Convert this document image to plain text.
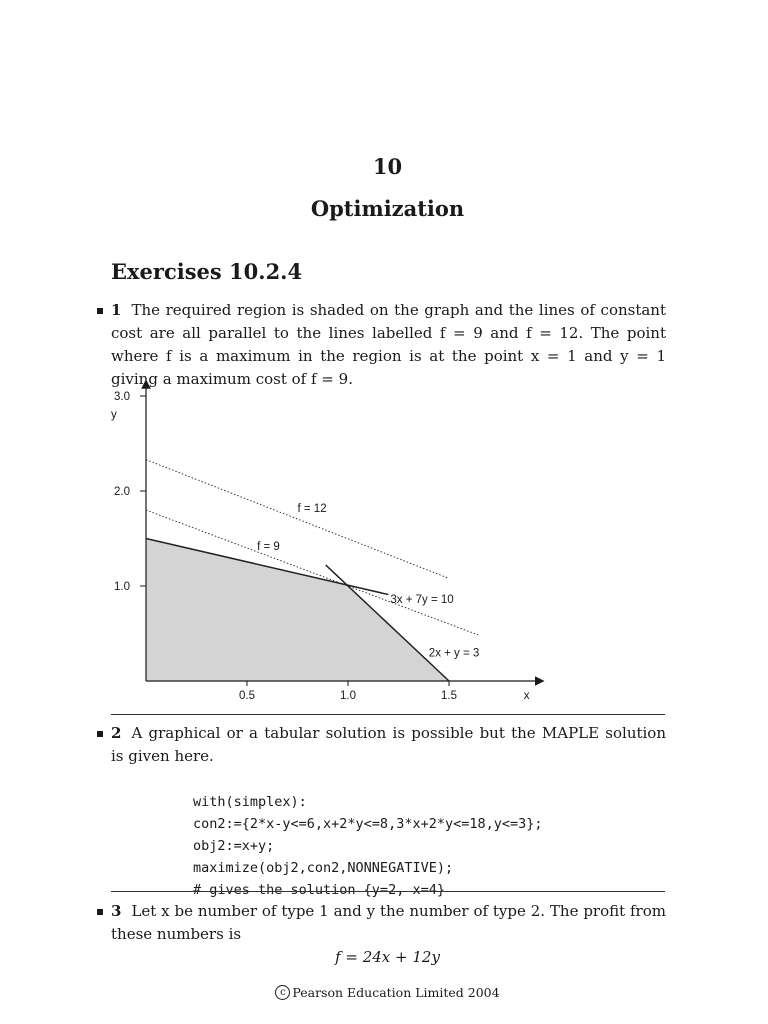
10
Optimization
Exercises 10.2.4
1 The required region is shaded on the graph and the lines of constant cost are all parallel to the lines labelled f = 9 and f = 12. The point where f is a maximum in the region is at the point x = 1 and y = 1 giving a maximum cost of f = 9.
0.5	1.0	1.5
1.0
2.0
3.0
x
y
3x + 7y = 10
2x + y = 3
f = 9
f = 12
2 A graphical or a tabular solution is possible but the MAPLE solution is given here.

with(simplex):
con2:={2*x-y<=6,x+2*y<=8,3*x+2*y<=18,y<=3};
obj2:=x+y;
maximize(obj2,con2,NONNEGATIVE);
# gives the solution {y=2, x=4}

3 Let x be number of type 1 and y the number of type 2. The profit from these numbers is
f = 24x + 12y
c Pearson Education Limited 2004
